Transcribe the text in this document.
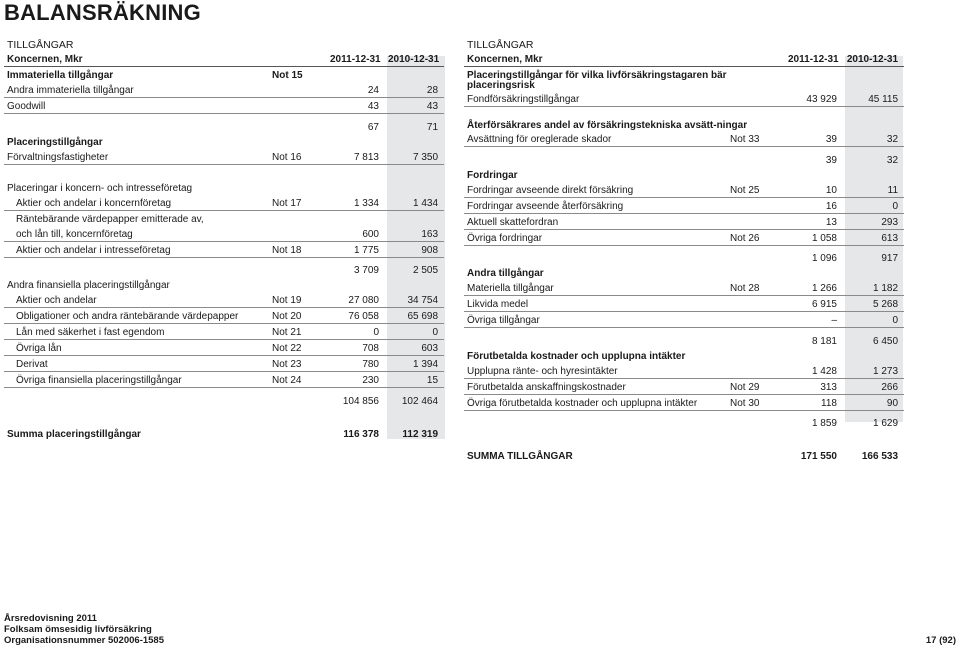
BALANSRÄKNING
TILLGÅNGAR			
Koncernen, Mkr		2011-12-31	2010-12-31
Immateriella tillgångar	Not 15		
Andra immateriella tillgångar		24	28
Goodwill		43	43
		67	71
Placeringstillgångar			
Förvaltningsfastigheter	Not 16	7 813	7 350

Placeringar i koncern- och intresseföretag			
Aktier och andelar i koncernföretag	Not 17	1 334	1 434
Räntebärande värdepapper emitterade av,			
och lån till, koncernföretag		600	163
Aktier och andelar i intresseföretag	Not 18	1 775	908
		3 709	2 505
Andra finansiella placeringstillgångar			
Aktier och andelar	Not 19	27 080	34 754
Obligationer och andra räntebärande värdepapper	Not 20	76 058	65 698
Lån med säkerhet i fast egendom	Not 21	0	0
Övriga lån	Not 22	708	603
Derivat	Not 23	780	1 394
Övriga finansiella placeringstillgångar	Not 24	230	15
		104 856	102 464

Summa placeringstillgångar		116 378	112 319
TILLGÅNGAR			
Koncernen, Mkr		2011-12-31	2010-12-31
Placeringstillgångar för vilka livförsäkringstagaren bär placeringsrisk			
Fondförsäkringstillgångar		43 929	45 115
Återförsäkrares andel av försäkringstekniska avsätt-ningar			
Avsättning för oreglerade skador	Not 33	39	32
		39	32
Fordringar			
Fordringar avseende direkt försäkring	Not 25	10	11
Fordringar avseende återförsäkring		16	0
Aktuell skattefordran		13	293
Övriga fordringar	Not 26	1 058	613
		1 096	917
Andra tillgångar			
Materiella tillgångar	Not 28	1 266	1 182
Likvida medel		6 915	5 268
Övriga tillgångar		–	0
		8 181	6 450
Förutbetalda kostnader och upplupna intäkter			
Upplupna ränte- och hyresintäkter		1 428	1 273
Förutbetalda anskaffningskostnader	Not 29	313	266
Övriga förutbetalda kostnader och upplupna intäkter	Not 30	118	90
		1 859	1 629

SUMMA TILLGÅNGAR		171 550	166 533
Årsredovisning 2011
Folksam ömsesidig livförsäkring
Organisationsnummer 502006-1585	17 (92)
